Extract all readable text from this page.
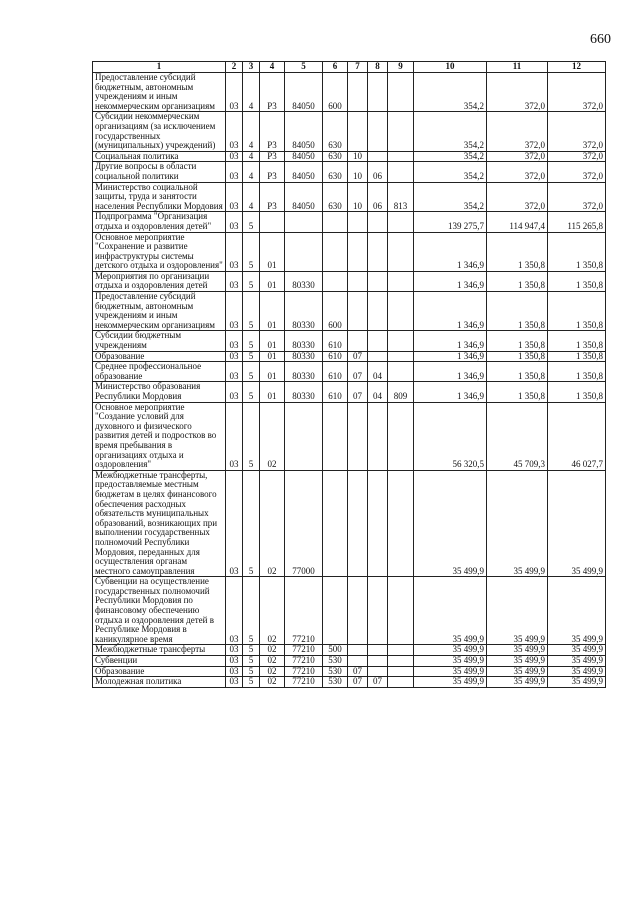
660
1	2	3	4	5	6	7	8	9	10	11	12
Предоставление субсидий бюджетным, автономным учреждениям и иным некоммерческим организациям	03	4	Р3	84050	600				354,2	372,0	372,0
Субсидии некоммерческим организациям (за исключением государственных (муниципальных) учреждений)	03	4	Р3	84050	630				354,2	372,0	372,0
Социальная политика	03	4	Р3	84050	630	10			354,2	372,0	372,0
Другие вопросы в области социальной политики	03	4	Р3	84050	630	10	06		354,2	372,0	372,0
Министерство социальной защиты, труда и занятости населения Республики Мордовия	03	4	Р3	84050	630	10	06	813	354,2	372,0	372,0
Подпрограмма "Организация отдыха и оздоровления детей"	03	5							139 275,7	114 947,4	115 265,8
Основное мероприятие "Сохранение и развитие инфраструктуры системы детского отдыха и оздоровления"	03	5	01						1 346,9	1 350,8	1 350,8
Мероприятия по организации отдыха и оздоровления детей	03	5	01	80330					1 346,9	1 350,8	1 350,8
Предоставление субсидий бюджетным, автономным учреждениям и иным некоммерческим организациям	03	5	01	80330	600				1 346,9	1 350,8	1 350,8
Субсидии бюджетным учреждениям	03	5	01	80330	610				1 346,9	1 350,8	1 350,8
Образование	03	5	01	80330	610	07			1 346,9	1 350,8	1 350,8
Среднее профессиональное образование	03	5	01	80330	610	07	04		1 346,9	1 350,8	1 350,8
Министерство образования Республики Мордовия	03	5	01	80330	610	07	04	809	1 346,9	1 350,8	1 350,8
Основное мероприятие "Создание условий для духовного и физического развития детей и подростков во время пребывания в организациях отдыха и оздоровления"	03	5	02						56 320,5	45 709,3	46 027,7
Межбюджетные трансферты, предоставляемые местным бюджетам в целях финансового обеспечения расходных обязательств муниципальных образований, возникающих при выполнении государственных полномочий Республики Мордовия, переданных для осуществления органам местного самоуправления	03	5	02	77000					35 499,9	35 499,9	35 499,9
Субвенции на осуществление государственных полномочий Республики Мордовия по финансовому обеспечению отдыха и оздоровления детей в Республике Мордовия в каникулярное время	03	5	02	77210					35 499,9	35 499,9	35 499,9
Межбюджетные трансферты	03	5	02	77210	500				35 499,9	35 499,9	35 499,9
Субвенции	03	5	02	77210	530				35 499,9	35 499,9	35 499,9
Образование	03	5	02	77210	530	07			35 499,9	35 499,9	35 499,9
Молодежная политика	03	5	02	77210	530	07	07		35 499,9	35 499,9	35 499,9
